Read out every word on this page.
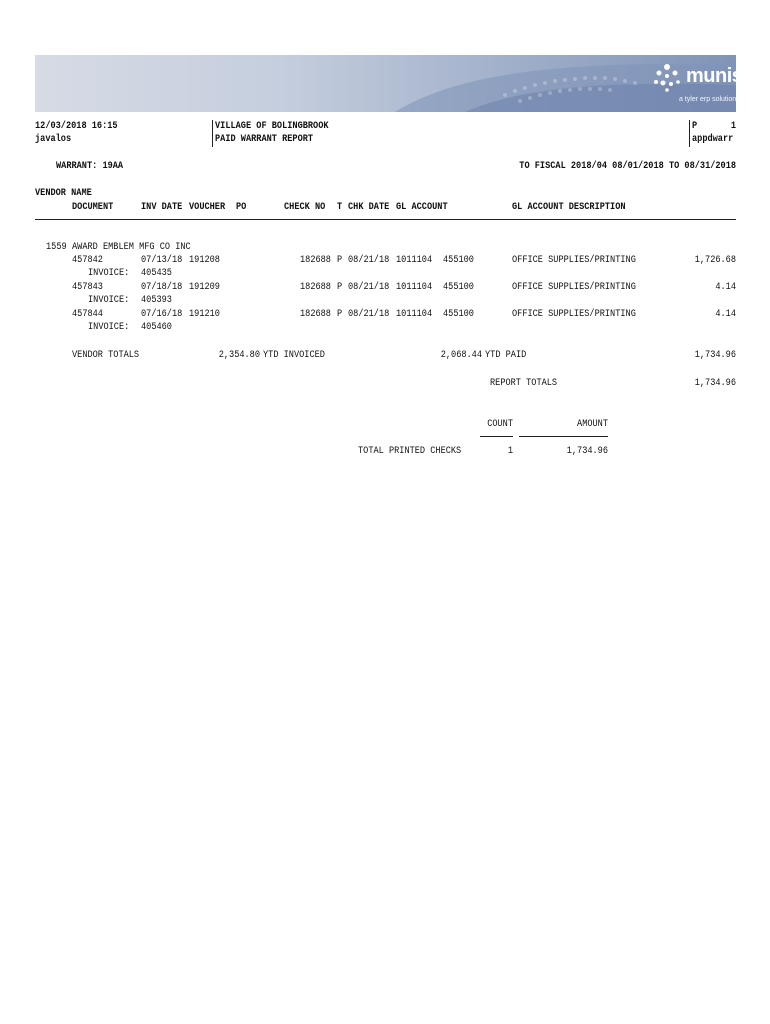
munis
a tyler erp solution
12/03/2018 16:15
javalos
VILLAGE OF BOLINGBROOK
PAID WARRANT REPORT
P	1
appdwarr
WARRANT: 19AA	TO FISCAL 2018/04 08/01/2018 TO 08/31/2018
VENDOR NAME
DOCUMENT	INV DATE VOUCHER PO	CHECK NO T CHK DATE GL ACCOUNT	GL ACCOUNT DESCRIPTION
1559 AWARD EMBLEM MFG CO INC
457842	07/13/18 191208	182688 P 08/21/18 1011104 455100	OFFICE SUPPLIES/PRINTING	1,726.68
INVOICE: 405435
457843	07/18/18 191209	182688 P 08/21/18 1011104 455100	OFFICE SUPPLIES/PRINTING	4.14
INVOICE: 405393
457844	07/16/18 191210	182688 P 08/21/18 1011104 455100	OFFICE SUPPLIES/PRINTING	4.14
INVOICE: 405460
VENDOR TOTALS	2,354.80 YTD INVOICED	2,068.44 YTD PAID	1,734.96
REPORT TOTALS	1,734.96
COUNT	AMOUNT
TOTAL PRINTED CHECKS	1	1,734.96
